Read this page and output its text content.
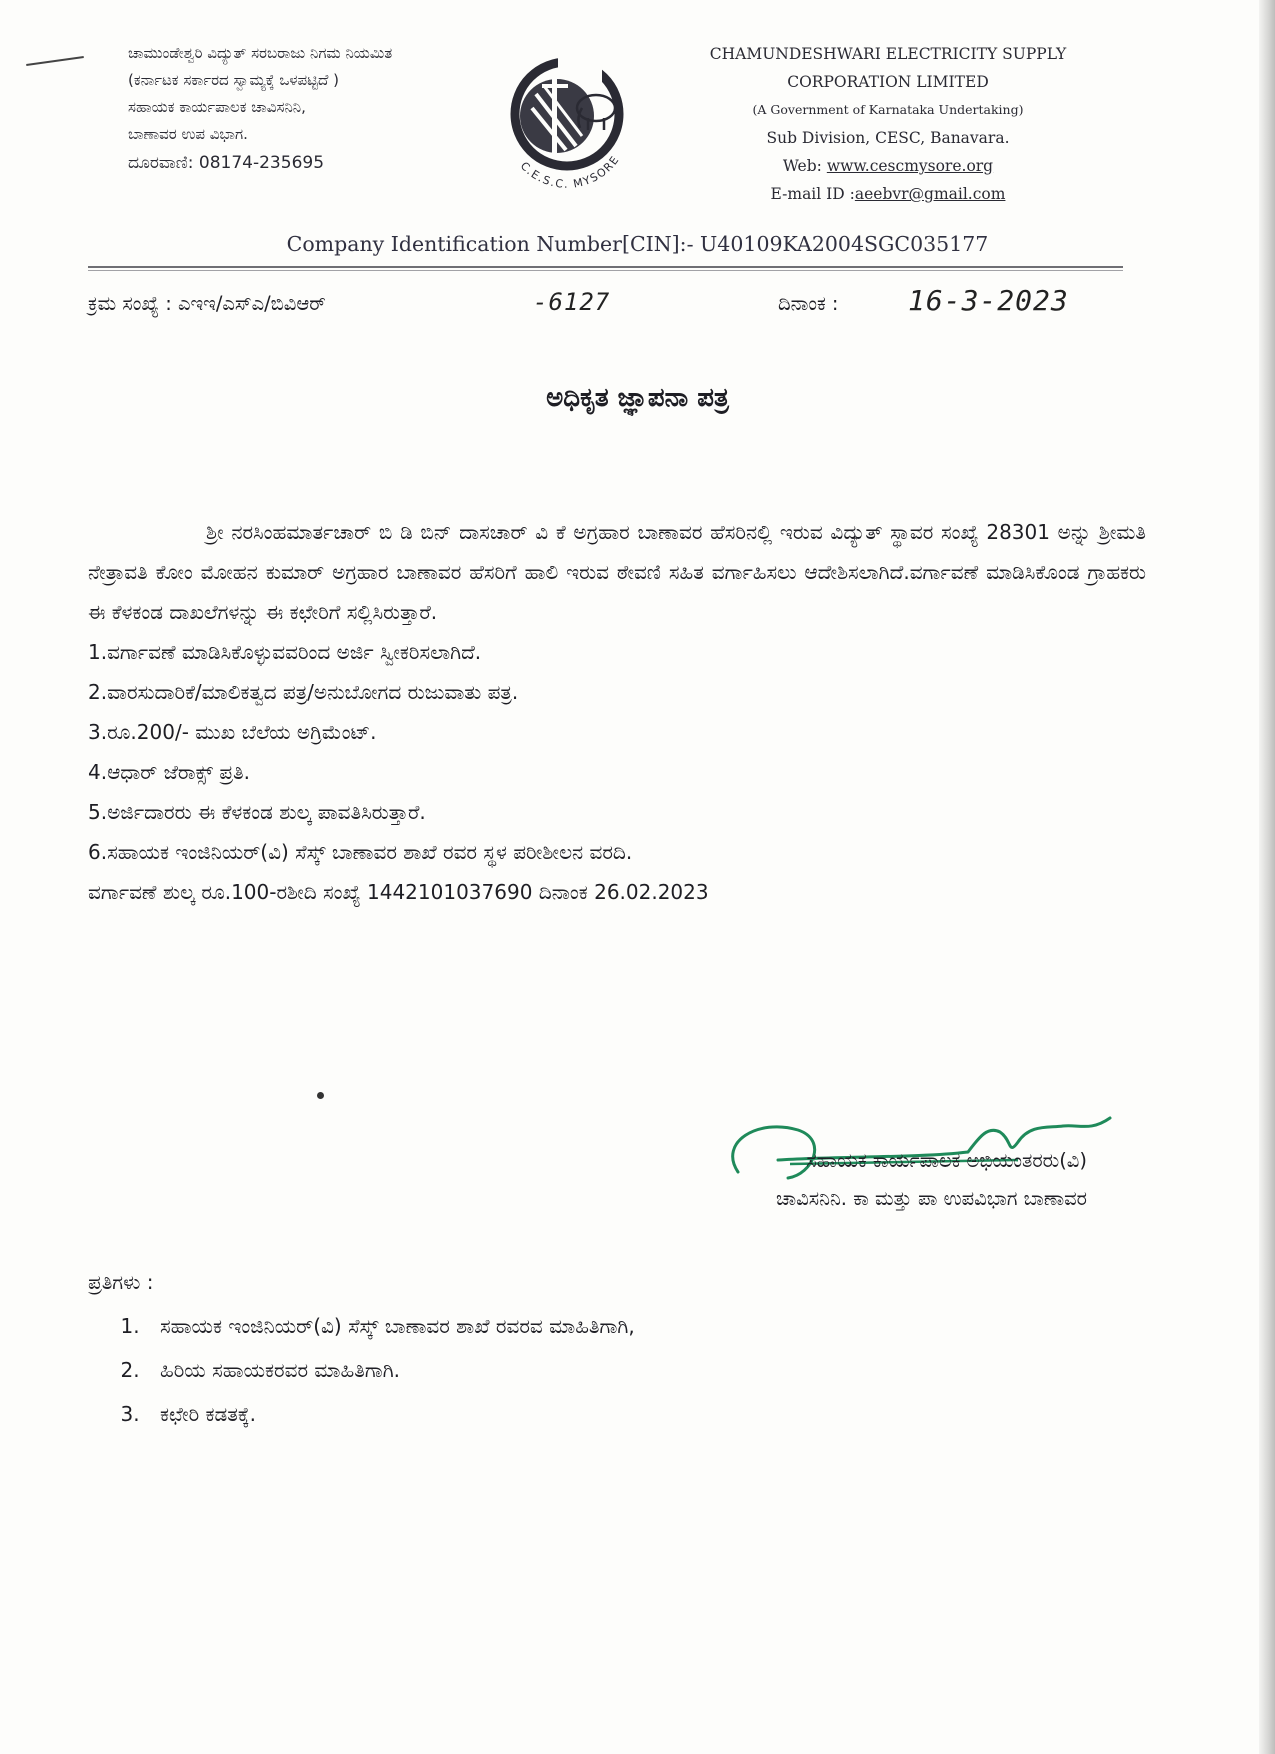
ಚಾಮುಂಡೇಶ್ವರಿ ವಿದ್ಯುತ್ ಸರಬರಾಜು ನಿಗಮ ನಿಯಮಿತ
(ಕರ್ನಾಟಕ ಸರ್ಕಾರದ ಸ್ವಾಮ್ಯಕ್ಕೆ ಒಳಪಟ್ಟಿದೆ )
ಸಹಾಯಕ ಕಾರ್ಯಪಾಲಕ ಚಾವಿಸನಿನಿ,
ಬಾಣಾವರ ಉಪ ವಿಭಾಗ.
ದೂರವಾಣಿ: 08174-235695	C.E.S.C. MYSORE
CHAMUNDESHWARI ELECTRICITY SUPPLY
CORPORATION LIMITED
(A Government of Karnataka Undertaking)
Sub Division, CESC, Banavara.
Web: www.cescmysore.org
E-mail ID :aeebvr@gmail.com
Company Identification Number[CIN]:- U40109KA2004SGC035177
ಕ್ರಮ ಸಂಖ್ಯೆ : ಎಇಇ/ಎಸ್ಎ/ಬಿವಿಆರ್	-6127	ದಿನಾಂಕ : 16-3-2023
ಅಧಿಕೃತ ಜ್ಞಾಪನಾ ಪತ್ರ

ಶ್ರೀ ನರಸಿಂಹಮಾರ್ತಚಾರ್ ಬಿ ಡಿ ಬಿನ್ ದಾಸಚಾರ್ ವಿ ಕೆ ಅಗ್ರಹಾರ ಬಾಣಾವರ ಹೆಸರಿನಲ್ಲಿ ಇರುವ ವಿದ್ಯುತ್ ಸ್ಥಾವರ ಸಂಖ್ಯೆ 28301 ಅನ್ನು ಶ್ರೀಮತಿ ನೇತ್ರಾವತಿ ಕೋಂ ಮೋಹನ ಕುಮಾರ್ ಅಗ್ರಹಾರ ಬಾಣಾವರ ಹೆಸರಿಗೆ ಹಾಲಿ ಇರುವ ಠೇವಣಿ ಸಹಿತ ವರ್ಗಾಹಿಸಲು ಆದೇಶಿಸಲಾಗಿದೆ.ವರ್ಗಾವಣೆ ಮಾಡಿಸಿಕೊಂಡ ಗ್ರಾಹಕರು ಈ ಕೆಳಕಂಡ ದಾಖಲೆಗಳನ್ನು ಈ ಕಛೇರಿಗೆ ಸಲ್ಲಿಸಿರುತ್ತಾರೆ.

1.ವರ್ಗಾವಣೆ ಮಾಡಿಸಿಕೊಳ್ಳುವವರಿಂದ ಅರ್ಜಿ ಸ್ವೀಕರಿಸಲಾಗಿದೆ.

2.ವಾರಸುದಾರಿಕೆ/ಮಾಲಿಕತ್ವದ ಪತ್ರ/ಅನುಬೋಗದ ರುಜುವಾತು ಪತ್ರ.

3.ರೂ.200/- ಮುಖ ಬೆಲೆಯ ಅಗ್ರಿಮೆಂಟ್.

4.ಆಧಾರ್ ಜೆರಾಕ್ಸ್ ಪ್ರತಿ.

5.ಅರ್ಜಿದಾರರು ಈ ಕೆಳಕಂಡ ಶುಲ್ಕ ಪಾವತಿಸಿರುತ್ತಾರೆ.

6.ಸಹಾಯಕ ಇಂಜಿನಿಯರ್(ವಿ) ಸೆಸ್ಕ್ ಬಾಣಾವರ ಶಾಖೆ ರವರ ಸ್ಥಳ ಪರೀಶೀಲನ ವರದಿ.

ವರ್ಗಾವಣೆ ಶುಲ್ಕ ರೂ.100-ರಶೀದಿ ಸಂಖ್ಯೆ 1442101037690 ದಿನಾಂಕ 26.02.2023

ಸಹಾಯಕ ಕಾರ್ಯಪಾಲಕ ಅಭಿಯಂತರರು(ವಿ)
ಚಾವಿಸನಿನಿ. ಕಾ ಮತ್ತು ಪಾ ಉಪವಿಭಾಗ ಬಾಣಾವರ
ಪ್ರತಿಗಳು :
1. ಸಹಾಯಕ ಇಂಜಿನಿಯರ್(ವಿ) ಸೆಸ್ಕ್ ಬಾಣಾವರ ಶಾಖೆ ರವರವ ಮಾಹಿತಿಗಾಗಿ,
2. ಹಿರಿಯ ಸಹಾಯಕರವರ ಮಾಹಿತಿಗಾಗಿ.
3. ಕಛೇರಿ ಕಡತಕ್ಕೆ.
